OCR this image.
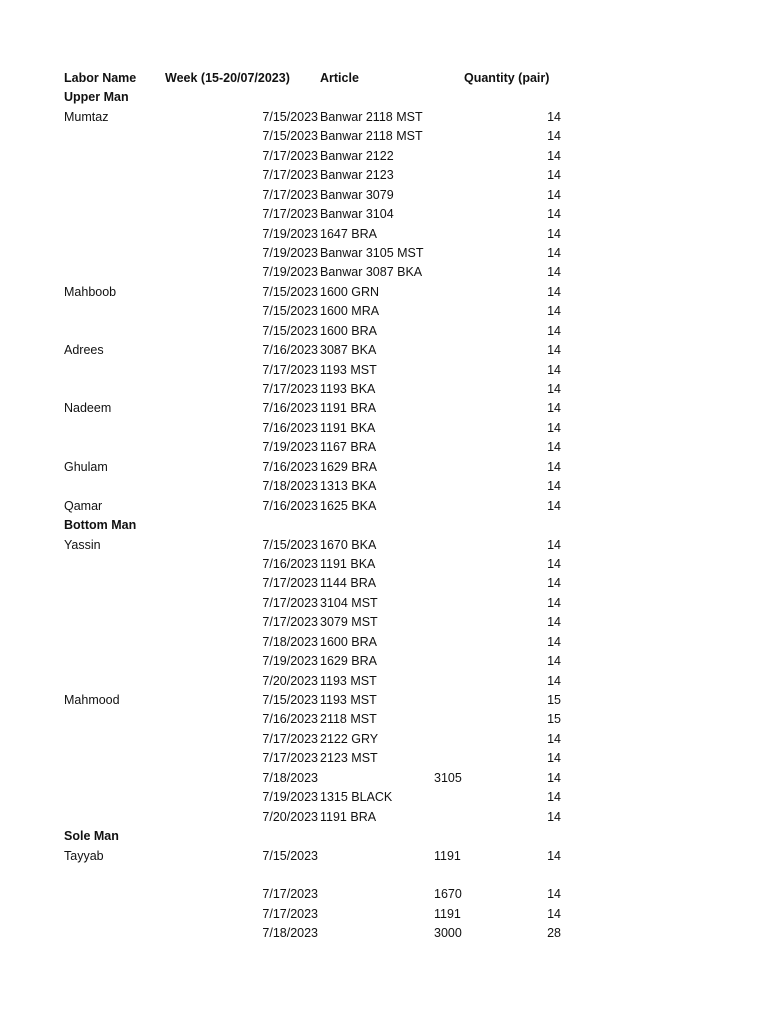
Labor Name Week (15-20/07/2023) Article	Quantity (pair)
Upper Man
Mumtaz	7/15/2023 Banwar 2118 MST	14
7/15/2023 Banwar 2118 MST	14
7/17/2023 Banwar 2122	14
7/17/2023 Banwar 2123	14
7/17/2023 Banwar 3079	14
7/17/2023 Banwar 3104	14
7/19/2023 1647 BRA	14
7/19/2023 Banwar 3105 MST	14
7/19/2023 Banwar 3087 BKA	14
Mahboob	7/15/2023 1600 GRN	14
7/15/2023 1600 MRA	14
7/15/2023 1600 BRA	14
Adrees	7/16/2023 3087 BKA	14
7/17/2023 1193 MST	14
7/17/2023 1193 BKA	14
Nadeem	7/16/2023 1191 BRA	14
7/16/2023 1191 BKA	14
7/19/2023 1167 BRA	14
Ghulam	7/16/2023 1629 BRA	14
7/18/2023 1313 BKA	14
Qamar	7/16/2023 1625 BKA	14
Bottom Man
Yassin	7/15/2023 1670 BKA	14
7/16/2023 1191 BKA	14
7/17/2023 1144 BRA	14
7/17/2023 3104 MST	14
7/17/2023 3079 MST	14
7/18/2023 1600 BRA	14
7/19/2023 1629 BRA	14
7/20/2023 1193 MST	14
Mahmood	7/15/2023 1193 MST	15
7/16/2023 2118 MST	15
7/17/2023 2122 GRY	14
7/17/2023 2123 MST	14
7/18/2023	3105	14
7/19/2023 1315 BLACK	14
7/20/2023 1191 BRA	14
Sole Man
Tayyab	7/15/2023	1191	14
7/17/2023	1670	14
7/17/2023	1191	14
7/18/2023	3000	28
